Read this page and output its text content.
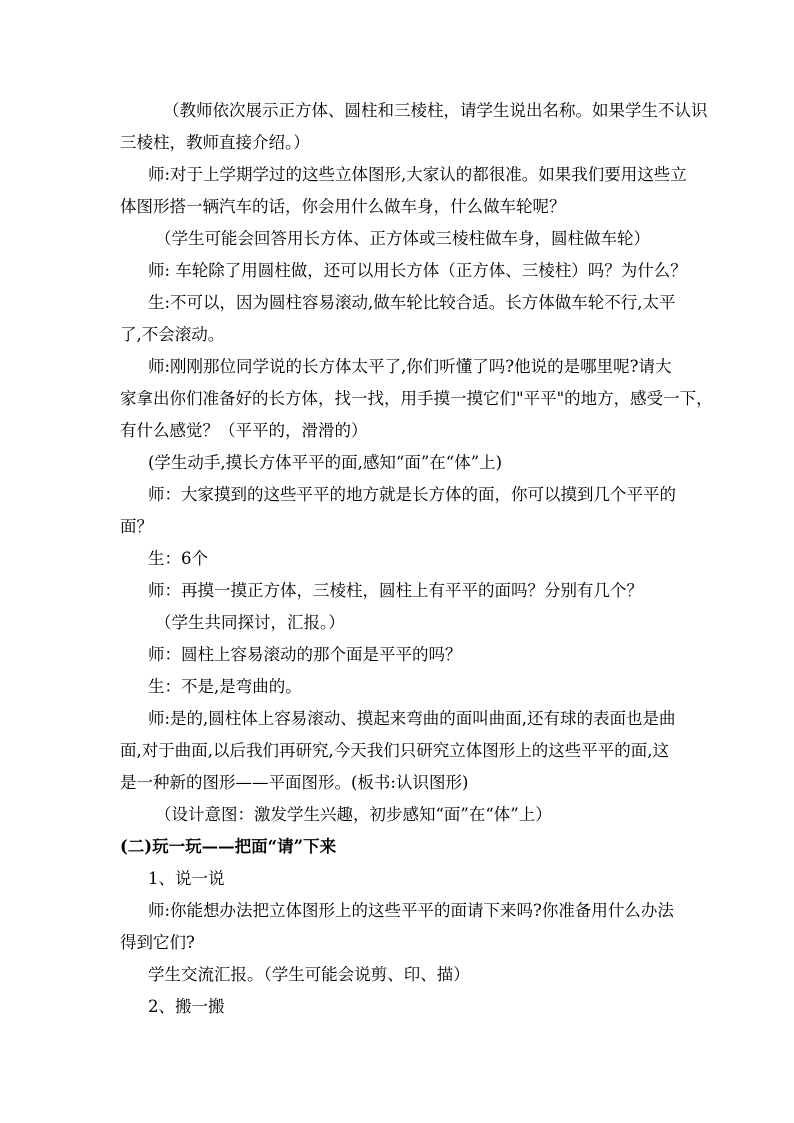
（教师依次展示正方体、圆柱和三棱柱，请学生说出名称。如果学生不认识
三棱柱，教师直接介绍。）
师:对于上学期学过的这些立体图形,大家认的都很准。如果我们要用这些立
体图形搭一辆汽车的话，你会用什么做车身，什么做车轮呢？
（学生可能会回答用长方体、正方体或三棱柱做车身，圆柱做车轮）
师: 车轮除了用圆柱做，还可以用长方体（正方体、三棱柱）吗？为什么？
生:不可以，因为圆柱容易滚动,做车轮比较合适。长方体做车轮不行,太平
了,不会滚动。
师:刚刚那位同学说的长方体太平了,你们听懂了吗?他说的是哪里呢?请大
家拿出你们准备好的长方体，找一找，用手摸一摸它们"平平"的地方，感受一下，
有什么感觉？（平平的，滑滑的）
(学生动手,摸长方体平平的面,感知“面”在“体”上)
师：大家摸到的这些平平的地方就是长方体的面，你可以摸到几个平平的
面？
生：6个
师：再摸一摸正方体，三棱柱，圆柱上有平平的面吗？分别有几个？
（学生共同探讨，汇报。）
师：圆柱上容易滚动的那个面是平平的吗？
生：不是,是弯曲的。
师:是的,圆柱体上容易滚动、摸起来弯曲的面叫曲面,还有球的表面也是曲
面,对于曲面,以后我们再研究,今天我们只研究立体图形上的这些平平的面,这
是一种新的图形——平面图形。(板书:认识图形)
（设计意图：激发学生兴趣，初步感知“面”在“体”上）
(二)玩一玩——把面“请”下来
1、说一说
师:你能想办法把立体图形上的这些平平的面请下来吗?你准备用什么办法
得到它们?
学生交流汇报。（学生可能会说剪、印、描）
2、搬一搬
